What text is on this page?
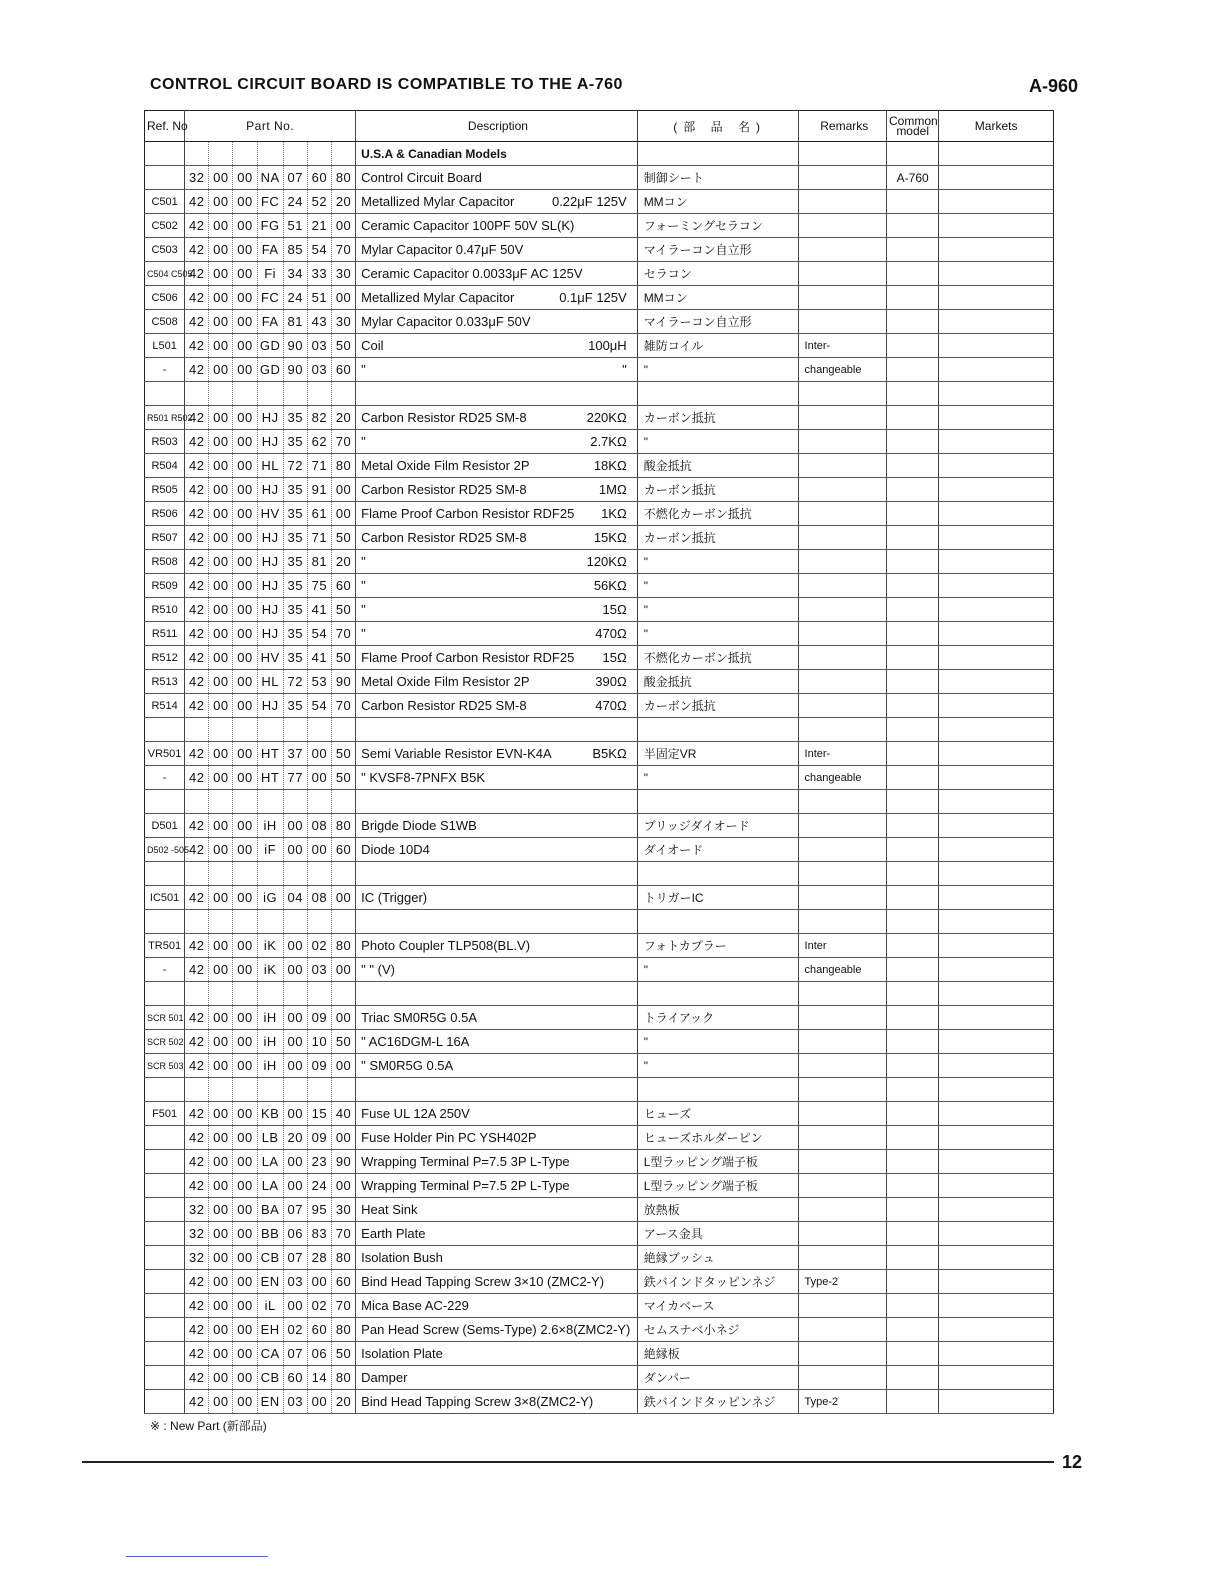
CONTROL CIRCUIT BOARD IS COMPATIBLE TO THE A-760	A-960
Ref. No	Part No.							Description	(部 品 名)	Remarks	Common model	Markets
								U.S.A & Canadian Models				
	32	00	00	NA	07	60	80	Control Circuit Board	制御シート		A-760	
C501	42	00	00	FC	24	52	20	Metallized Mylar Capacitor 0.22μF 125V	MMコン			
C502	42	00	00	FG	51	21	00	Ceramic Capacitor 100PF 50V SL(K)	フォーミングセラコン			
C503	42	00	00	FA	85	54	70	Mylar Capacitor 0.47μF 50V	マイラーコン自立形			
C504 C505	42	00	00	Fi	34	33	30	Ceramic Capacitor 0.0033μF AC 125V	セラコン			
C506	42	00	00	FC	24	51	00	Metallized Mylar Capacitor 0.1μF 125V	MMコン			
C508	42	00	00	FA	81	43	30	Mylar Capacitor 0.033μF 50V	マイラーコン自立形			
L501	42	00	00	GD	90	03	50	Coil 100μH	雑防コイル	Inter-		
-	42	00	00	GD	90	03	60	" "	"	changeable		

R501 R502	42	00	00	HJ	35	82	20	Carbon Resistor RD25 SM-8 220KΩ	カーボン抵抗			
R503	42	00	00	HJ	35	62	70	" 2.7KΩ	"			
R504	42	00	00	HL	72	71	80	Metal Oxide Film Resistor 2P 18KΩ	酸金抵抗			
R505	42	00	00	HJ	35	91	00	Carbon Resistor RD25 SM-8 1MΩ	カーボン抵抗			
R506	42	00	00	HV	35	61	00	Flame Proof Carbon Resistor RDF25 1KΩ	不燃化カーボン抵抗			
R507	42	00	00	HJ	35	71	50	Carbon Resistor RD25 SM-8 15KΩ	カーボン抵抗			
R508	42	00	00	HJ	35	81	20	" 120KΩ	"			
R509	42	00	00	HJ	35	75	60	" 56KΩ	"			
R510	42	00	00	HJ	35	41	50	" 15Ω	"			
R511	42	00	00	HJ	35	54	70	" 470Ω	"			
R512	42	00	00	HV	35	41	50	Flame Proof Carbon Resistor RDF25 15Ω	不燃化カーボン抵抗			
R513	42	00	00	HL	72	53	90	Metal Oxide Film Resistor 2P 390Ω	酸金抵抗			
R514	42	00	00	HJ	35	54	70	Carbon Resistor RD25 SM-8 470Ω	カーボン抵抗			

VR501	42	00	00	HT	37	00	50	Semi Variable Resistor EVN-K4A B5KΩ	半固定VR	Inter-		
-	42	00	00	HT	77	00	50	" KVSF8-7PNFX B5K	"	changeable		

D501	42	00	00	iH	00	08	80	Brigde Diode S1WB	ブリッジダイオード			
D502 -505	42	00	00	iF	00	00	60	Diode 10D4	ダイオード			

IC501	42	00	00	iG	04	08	00	IC (Trigger)	トリガーIC			

TR501	42	00	00	iK	00	02	80	Photo Coupler TLP508(BL.V)	フォトカプラー	Inter		
-	42	00	00	iK	00	03	00	" " (V)	"	changeable		

SCR 501	42	00	00	iH	00	09	00	Triac SM0R5G 0.5A	トライアック			
SCR 502	42	00	00	iH	00	10	50	" AC16DGM-L 16A	"			
SCR 503	42	00	00	iH	00	09	00	" SM0R5G 0.5A	"			

F501	42	00	00	KB	00	15	40	Fuse UL 12A 250V	ヒューズ			
	42	00	00	LB	20	09	00	Fuse Holder Pin PC YSH402P	ヒューズホルダーピン			
	42	00	00	LA	00	23	90	Wrapping Terminal P=7.5 3P L-Type	L型ラッピング端子板			
	42	00	00	LA	00	24	00	Wrapping Terminal P=7.5 2P L-Type	L型ラッピング端子板			
	32	00	00	BA	07	95	30	Heat Sink	放熱板			
	32	00	00	BB	06	83	70	Earth Plate	アース金具			
	32	00	00	CB	07	28	80	Isolation Bush	絶縁ブッシュ			
	42	00	00	EN	03	00	60	Bind Head Tapping Screw 3×10 (ZMC2-Y)	鉄バインドタッピンネジ	Type-2		
	42	00	00	iL	00	02	70	Mica Base AC-229	マイカベース			
	42	00	00	EH	02	60	80	Pan Head Screw (Sems-Type) 2.6×8(ZMC2-Y)	セムスナベ小ネジ			
	42	00	00	CA	07	06	50	Isolation Plate	絶縁板			
	42	00	00	CB	60	14	80	Damper	ダンパー			
	42	00	00	EN	03	00	20	Bind Head Tapping Screw 3×8(ZMC2-Y)	鉄バインドタッピンネジ	Type-2		
※ : New Part (新部品)
12
